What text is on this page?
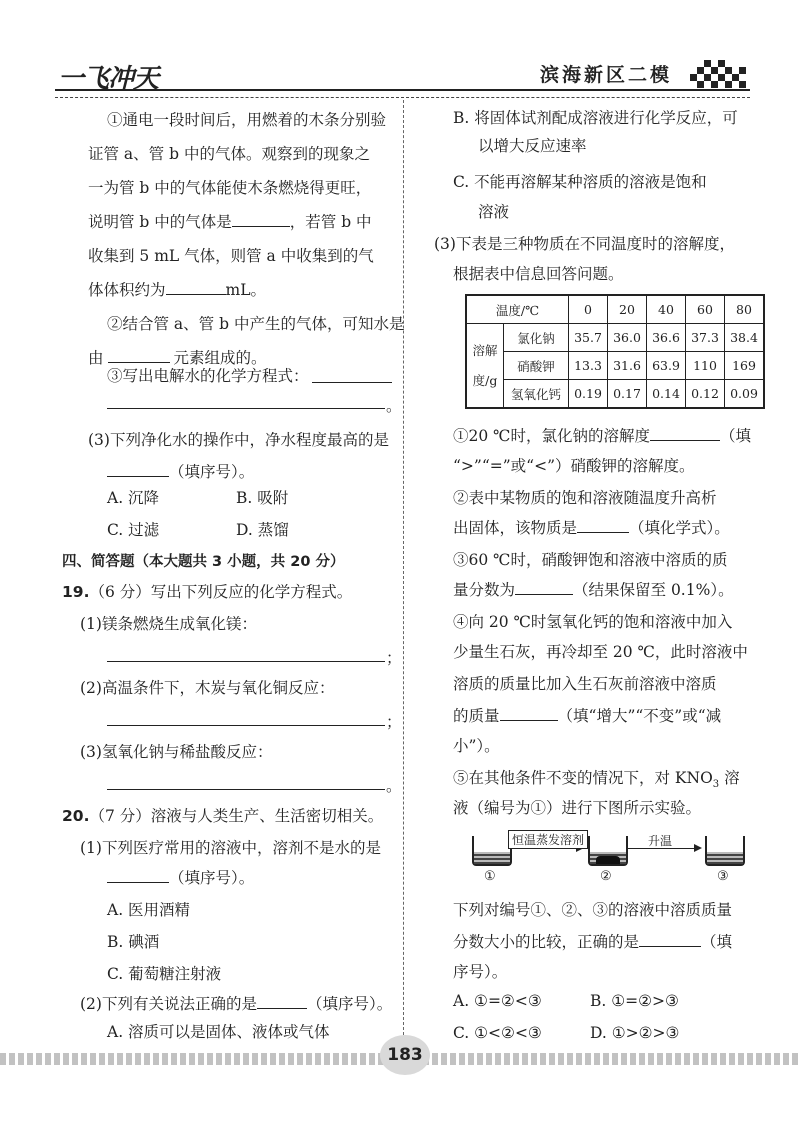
一飞冲天	滨海新区二模
①通电一段时间后，用燃着的木条分别验
证管 a、管 b 中的气体。观察到的现象之
一为管 b 中的气体能使木条燃烧得更旺，
说明管 b 中的气体是	，若管 b 中
收集到 5 mL 气体，则管 a 中收集到的气
体体积约为	mL。
②结合管 a、管 b 中产生的气体，可知水是
由	元素组成的。
③写出电解水的化学方程式：
。
(3)下列净化水的操作中，净水程度最高的是
（填序号）。
A. 沉降	B. 吸附
C. 过滤	D. 蒸馏
四、简答题（本大题共 3 小题，共 20 分）
19.（6 分）写出下列反应的化学方程式。
(1)镁条燃烧生成氧化镁：
；
(2)高温条件下，木炭与氧化铜反应：
；
(3)氢氧化钠与稀盐酸反应：
。
20.（7 分）溶液与人类生产、生活密切相关。
(1)下列医疗常用的溶液中，溶剂不是水的是
（填序号）。
A. 医用酒精
B. 碘酒
C. 葡萄糖注射液
(2)下列有关说法正确的是	（填序号）。
A. 溶质可以是固体、液体或气体
B. 将固体试剂配成溶液进行化学反应，可
以增大反应速率
C. 不能再溶解某种溶质的溶液是饱和
溶液
(3)下表是三种物质在不同温度时的溶解度，
根据表中信息回答问题。
温度/℃		0	20	40	60	80
溶解
度/g	氯化钠	35.7	36.0	36.6	37.3	38.4
	硝酸钾	13.3	31.6	63.9	110	169
	氢氧化钙	0.19	0.17	0.14	0.12	0.09
①20 ℃时，氯化钠的溶解度	（填
“>”“=”或“<”）硝酸钾的溶解度。
②表中某物质的饱和溶液随温度升高析
出固体，该物质是	（填化学式）。
③60 ℃时，硝酸钾饱和溶液中溶质的质
量分数为	（结果保留至 0.1%）。
④向 20 ℃时氢氧化钙的饱和溶液中加入
少量生石灰，再冷却至 20 ℃，此时溶液中
溶质的质量比加入生石灰前溶液中溶质
的质量	（填“增大”“不变”或“减
小”）。
⑤在其他条件不变的情况下，对 $KNO_3$ 溶
液（编号为①）进行下图所示实验。
恒温蒸发溶剂	升温
①	②	③
下列对编号①、②、③的溶液中溶质质量
分数大小的比较，正确的是	（填
序号）。
A. ①=②<③	B. ①=②>③
C. ①<②<③	D. ①>②>③
183
